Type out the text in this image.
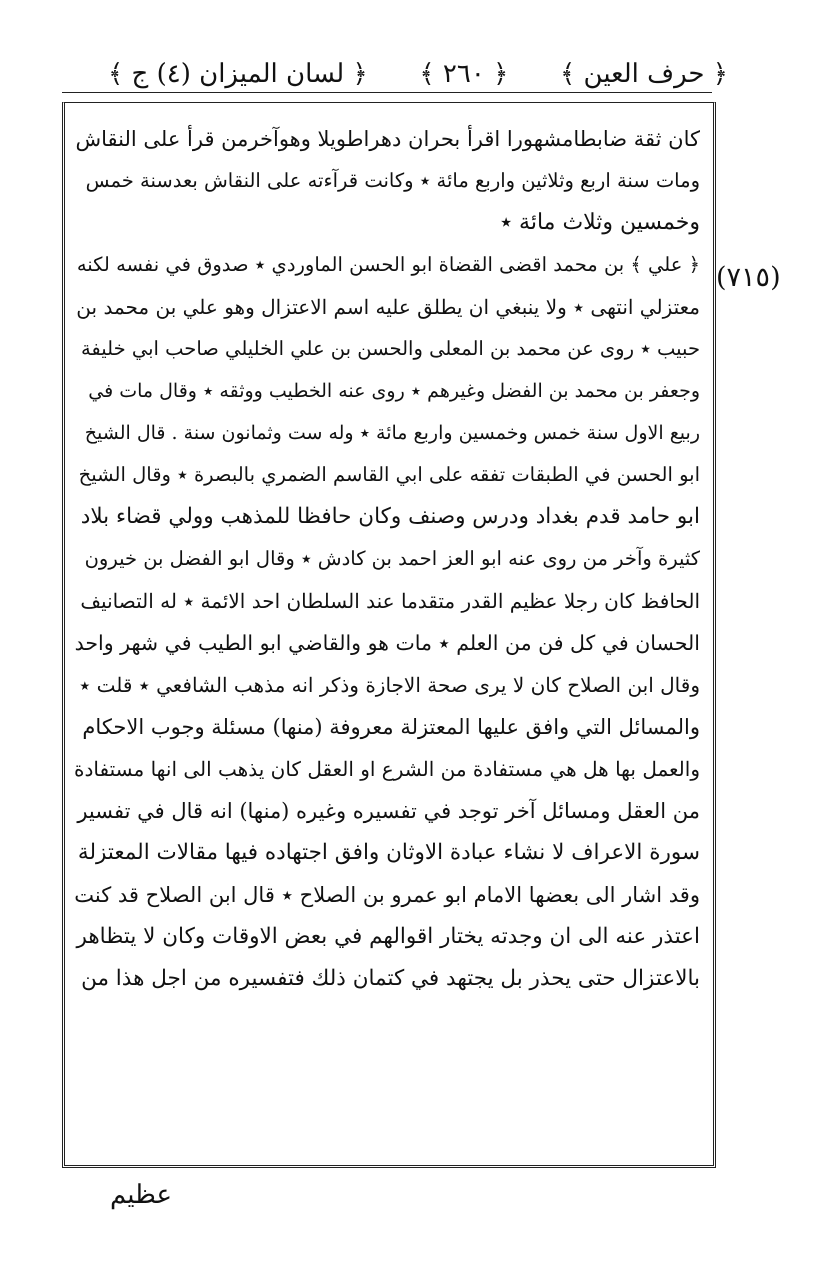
﴿ حرف العين ﴾
﴿ ٢٦٠ ﴾
﴿ لسان الميزان (٤) ج ﴾
(٧١٥)
كان ثقة ضابطامشهورا اقرأ بحران دهراطويلا وهوآخرمن قرأ على النقاش
ومات سنة اربع وثلاثين واربع مائة ٭ وكانت قرآءته على النقاش بعدسنة خمس
وخمسين وثلاث مائة ٭
﴿ علي ﴾ بن محمد اقضى القضاة ابو الحسن الماوردي ٭ صدوق في نفسه لكنه
معتزلي انتهى ٭ ولا ينبغي ان يطلق عليه اسم الاعتزال وهو علي بن محمد بن
حبيب ٭ روى عن محمد بن المعلى والحسن بن علي الخليلي صاحب ابي خليفة
وجعفر بن محمد بن الفضل وغيرهم ٭ روى عنه الخطيب ووثقه ٭ وقال مات في
ربيع الاول سنة خمس وخمسين واربع مائة ٭ وله ست وثمانون سنة . قال الشيخ
ابو الحسن في الطبقات تفقه على ابي القاسم الضمري بالبصرة ٭ وقال الشيخ
ابو حامد قدم بغداد ودرس وصنف وكان حافظا للمذهب وولي قضاء بلاد
كثيرة وآخر من روى عنه ابو العز احمد بن كادش ٭ وقال ابو الفضل بن خيرون
الحافظ كان رجلا عظيم القدر متقدما عند السلطان احد الائمة ٭ له التصانيف
الحسان في كل فن من العلم ٭ مات هو والقاضي ابو الطيب في شهر واحد
وقال ابن الصلاح كان لا يرى صحة الاجازة وذكر انه مذهب الشافعي ٭ قلت ٭
والمسائل التي وافق عليها المعتزلة معروفة (منها) مسئلة وجوب الاحكام
والعمل بها هل هي مستفادة من الشرع او العقل كان يذهب الى انها مستفادة
من العقل ومسائل آخر توجد في تفسيره وغيره (منها) انه قال في تفسير
سورة الاعراف لا نشاء عبادة الاوثان وافق اجتهاده فيها مقالات المعتزلة
وقد اشار الى بعضها الامام ابو عمرو بن الصلاح ٭ قال ابن الصلاح قد كنت
اعتذر عنه الى ان وجدته يختار اقوالهم في بعض الاوقات وكان لا يتظاهر
بالاعتزال حتى يحذر بل يجتهد في كتمان ذلك فتفسيره من اجل هذا من
عظيم
